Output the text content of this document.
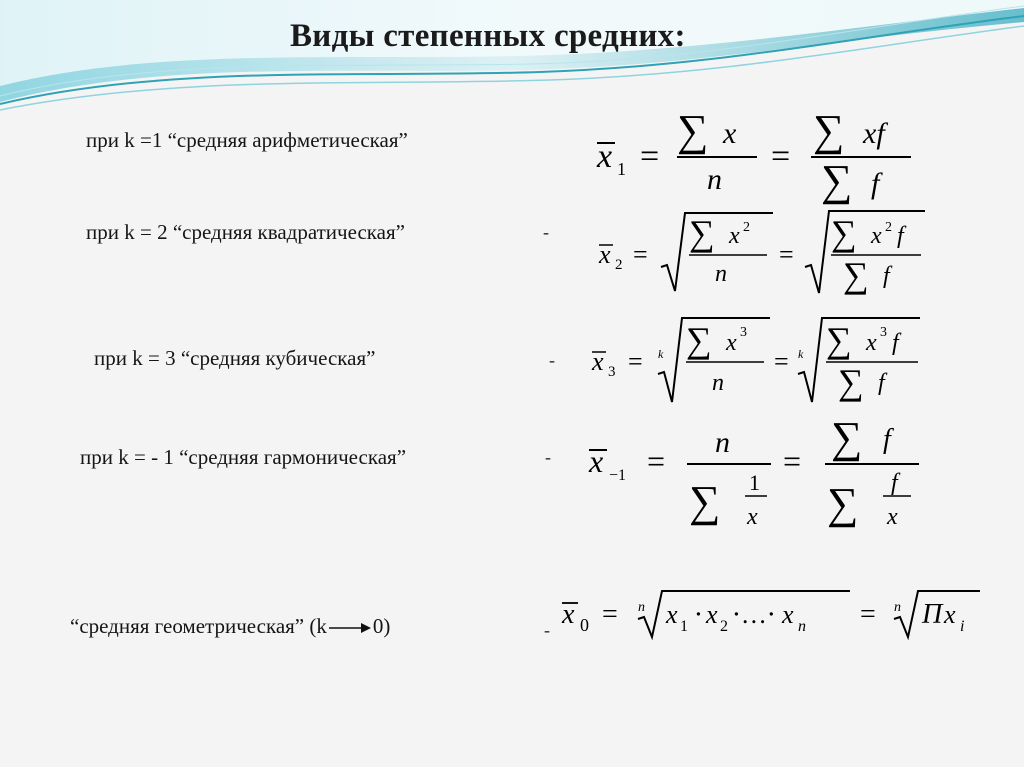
Виды степенных средних:
при k =1 “средняя арифметическая”	x 1 =
∑ x
n
=
∑ xf
∑ f
при k = 2 “средняя квадратическая”	-
x 2 =
∑ x 2
n
=
∑ x 2 f
∑ f
при k = 3 “средняя кубическая”	- x 3 = k ∑ x 3
n
= k ∑ x 3 f
∑ f
при k = - 1 “средняя гармоническая”	- x −1 =
n
∑ 1
x
= ∑ f
∑ f
x
“средняя геометрическая” (k 0)	- x 0 = n x 1 ⋅ x 2 ⋅…⋅ x n = n Π x i
